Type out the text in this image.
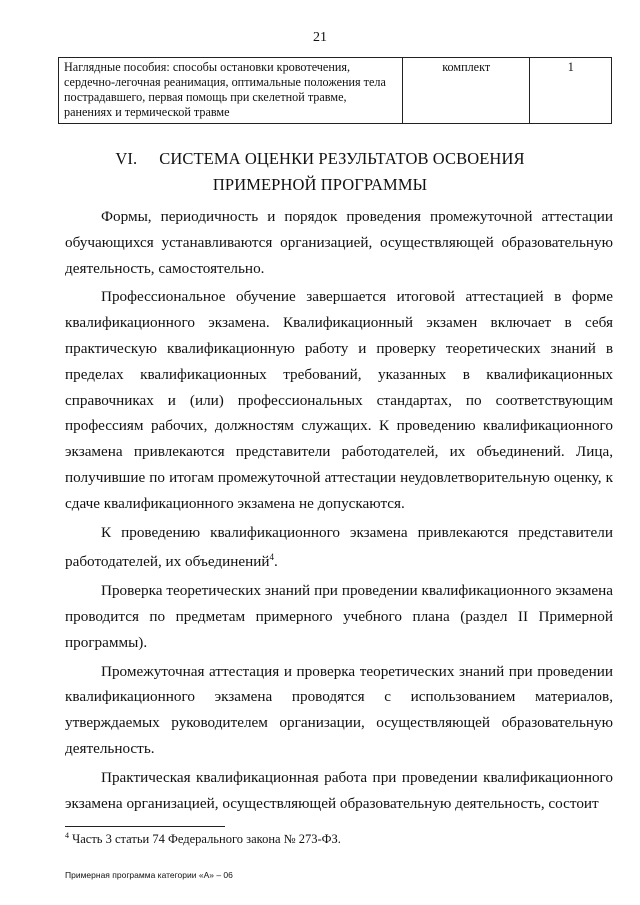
21
Наглядные пособия: способы остановки кровотечения, сердечно-легочная реанимация, оптимальные положения тела пострадавшего, первая помощь при скелетной травме, ранениях и термической травме	комплект	1
VI. СИСТЕМА ОЦЕНКИ РЕЗУЛЬТАТОВ ОСВОЕНИЯ
ПРИМЕРНОЙ ПРОГРАММЫ

Формы, периодичность и порядок проведения промежуточной аттестации обучающихся устанавливаются организацией, осуществляющей образовательную деятельность, самостоятельно.

Профессиональное обучение завершается итоговой аттестацией в форме квалификационного экзамена. Квалификационный экзамен включает в себя практическую квалификационную работу и проверку теоретических знаний в пределах квалификационных требований, указанных в квалификационных справочниках и (или) профессиональных стандартах, по соответствующим профессиям рабочих, должностям служащих. К проведению квалификационного экзамена привлекаются представители работодателей, их объединений. Лица, получившие по итогам промежуточной аттестации неудовлетворительную оценку, к сдаче квалификационного экзамена не допускаются.

К проведению квалификационного экзамена привлекаются представители работодателей, их объединений$^4$.

Проверка теоретических знаний при проведении квалификационного экзамена проводится по предметам примерного учебного плана (раздел II Примерной программы).

Промежуточная аттестация и проверка теоретических знаний при проведении квалификационного экзамена проводятся с использованием материалов, утверждаемых руководителем организации, осуществляющей образовательную деятельность.

Практическая квалификационная работа при проведении квалификационного экзамена организацией, осуществляющей образовательную деятельность, состоит

$^4$ Часть 3 статьи 74 Федерального закона № 273-ФЗ.
Примерная программа категории «А» – 06
